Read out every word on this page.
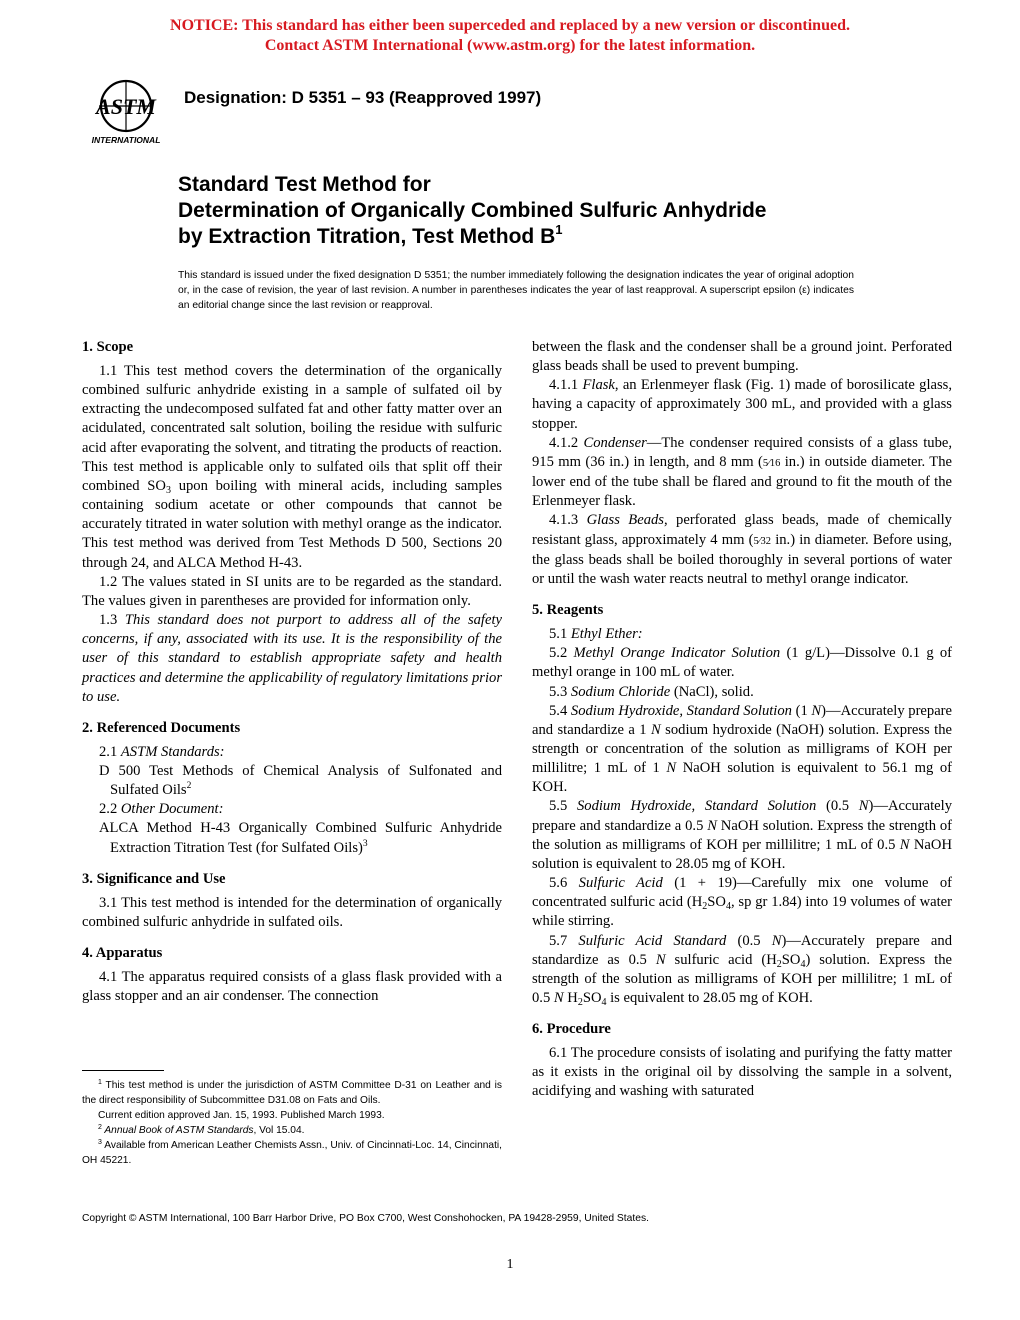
NOTICE: This standard has either been superceded and replaced by a new version or discontinued.
Contact ASTM International (www.astm.org) for the latest information.
ASTM
INTERNATIONAL
Designation: D 5351 – 93 (Reapproved 1997)
Standard Test Method for
Determination of Organically Combined Sulfuric Anhydride
by Extraction Titration, Test Method $B^1$
This standard is issued under the fixed designation D 5351; the number immediately following the designation indicates the year of original adoption or, in the case of revision, the year of last revision. A number in parentheses indicates the year of last reapproval. A superscript epsilon (ε) indicates an editorial change since the last revision or reapproval.
1. Scope

1.1 This test method covers the determination of the organically combined sulfuric anhydride existing in a sample of sulfated oil by extracting the undecomposed sulfated fat and other fatty matter over an acidulated, concentrated salt solution, boiling the residue with sulfuric acid after evaporating the solvent, and titrating the products of reaction. This test method is applicable only to sulfated oils that split off their combined $SO_3$ upon boiling with mineral acids, including samples containing sodium acetate or other compounds that cannot be accurately titrated in water solution with methyl orange as the indicator. This test method was derived from Test Methods D 500, Sections 20 through 24, and ALCA Method H-43.

1.2 The values stated in SI units are to be regarded as the standard. The values given in parentheses are provided for information only.

1.3 This standard does not purport to address all of the safety concerns, if any, associated with its use. It is the responsibility of the user of this standard to establish appropriate safety and health practices and determine the applicability of regulatory limitations prior to use.

2. Referenced Documents

2.1 ASTM Standards:

D 500 Test Methods of Chemical Analysis of Sulfonated and Sulfated Oils$^2$

2.2 Other Document:

ALCA Method H-43 Organically Combined Sulfuric Anhydride Extraction Titration Test (for Sulfated Oils)$^3$

3. Significance and Use

3.1 This test method is intended for the determination of organically combined sulfuric anhydride in sulfated oils.

4. Apparatus

4.1 The apparatus required consists of a glass flask provided with a glass stopper and an air condenser. The connection

$^1$ This test method is under the jurisdiction of ASTM Committee D-31 on Leather and is the direct responsibility of Subcommittee D31.08 on Fats and Oils.

Current edition approved Jan. 15, 1993. Published March 1993.

$^2$ Annual Book of ASTM Standards, Vol 15.04.

$^3$ Available from American Leather Chemists Assn., Univ. of Cincinnati-Loc. 14, Cincinnati, OH 45221.

between the flask and the condenser shall be a ground joint. Perforated glass beads shall be used to prevent bumping.

4.1.1 Flask, an Erlenmeyer flask (Fig. 1) made of borosilicate glass, having a capacity of approximately 300 mL, and provided with a glass stopper.

4.1.2 Condenser—The condenser required consists of a glass tube, 915 mm (36 in.) in length, and 8 mm (5⁄16 in.) in outside diameter. The lower end of the tube shall be flared and ground to fit the mouth of the Erlenmeyer flask.

4.1.3 Glass Beads, perforated glass beads, made of chemically resistant glass, approximately 4 mm (5⁄32 in.) in diameter. Before using, the glass beads shall be boiled thoroughly in several portions of water or until the wash water reacts neutral to methyl orange indicator.

5. Reagents

5.1 Ethyl Ether:

5.2 Methyl Orange Indicator Solution (1 g/L)—Dissolve 0.1 g of methyl orange in 100 mL of water.

5.3 Sodium Chloride (NaCl), solid.

5.4 Sodium Hydroxide, Standard Solution (1 N)—Accurately prepare and standardize a 1 N sodium hydroxide (NaOH) solution. Express the strength or concentration of the solution as milligrams of KOH per millilitre; 1 mL of 1 N NaOH solution is equivalent to 56.1 mg of KOH.

5.5 Sodium Hydroxide, Standard Solution (0.5 N)—Accurately prepare and standardize a 0.5 N NaOH solution. Express the strength of the solution as milligrams of KOH per millilitre; 1 mL of 0.5 N NaOH solution is equivalent to 28.05 mg of KOH.

5.6 Sulfuric Acid (1 + 19)—Carefully mix one volume of concentrated sulfuric acid ($H_2SO_4$, sp gr 1.84) into 19 volumes of water while stirring.

5.7 Sulfuric Acid Standard (0.5 N)—Accurately prepare and standardize as 0.5 N sulfuric acid $(H_2SO_4)$ solution. Express the strength of the solution as milligrams of KOH per millilitre; 1 mL of 0.5 N $H_2SO_4$ is equivalent to 28.05 mg of KOH.

6. Procedure

6.1 The procedure consists of isolating and purifying the fatty matter as it exists in the original oil by dissolving the sample in a solvent, acidifying and washing with saturated

Copyright © ASTM International, 100 Barr Harbor Drive, PO Box C700, West Conshohocken, PA 19428-2959, United States.
1
